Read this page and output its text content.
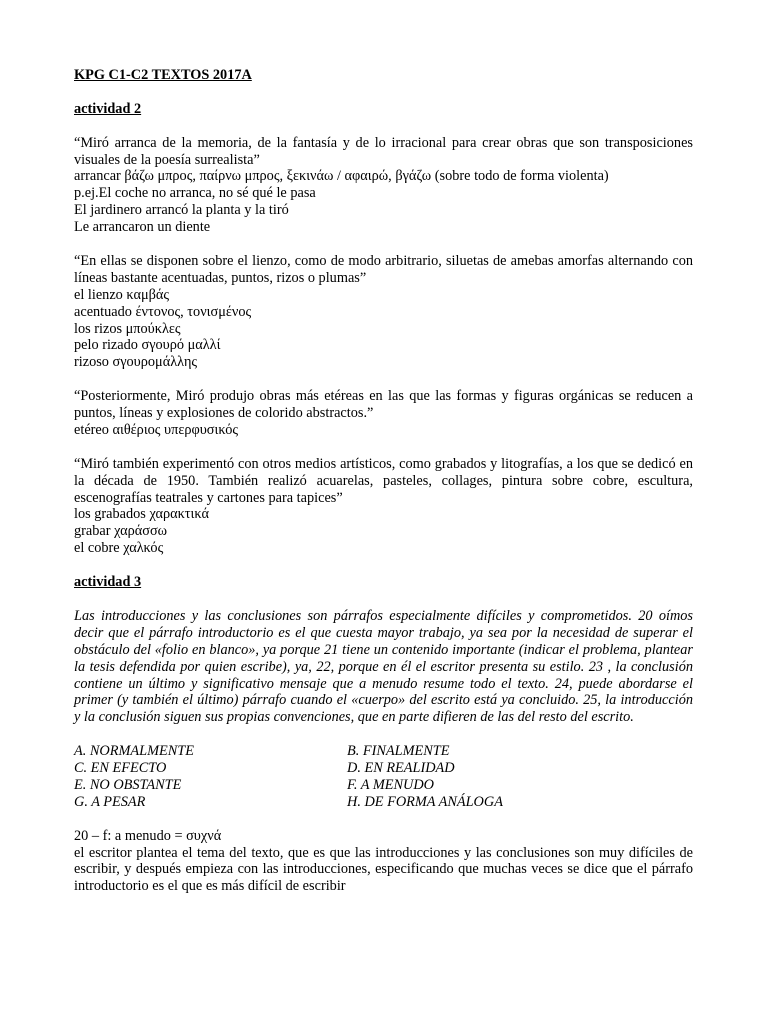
KPG C1-C2 TEXTOS 2017A

actividad 2

“Miró arranca de la memoria, de la fantasía y de lo irracional para crear obras que son transposiciones visuales de la poesía surrealista”

arrancar βάζω μπρος, παίρνω μπρος, ξεκινάω / αφαιρώ, βγάζω (sobre todo de forma violenta)

p.ej.El coche no arranca, no sé qué le pasa

El jardinero arrancó la planta y la tiró

Le arrancaron un diente

“En ellas se disponen sobre el lienzo, como de modo arbitrario, siluetas de amebas amorfas alternando con líneas bastante acentuadas, puntos, rizos o plumas”

el lienzo καμβάς

acentuado έντονος, τονισμένος

los rizos μπούκλες

pelo rizado σγουρό μαλλί

rizoso σγουρομάλλης

“Posteriormente, Miró produjo obras más etéreas en las que las formas y figuras orgánicas se reducen a puntos, líneas y explosiones de colorido abstractos.”

etéreo αιθέριος υπερφυσικός

“Miró también experimentó con otros medios artísticos, como grabados y litografías, a los que se dedicó en la década de 1950. También realizó acuarelas, pasteles, collages, pintura sobre cobre, escultura, escenografías teatrales y cartones para tapices”

los grabados χαρακτικά

grabar χαράσσω

el cobre χαλκός

actividad 3

Las introducciones y las conclusiones son párrafos especialmente difíciles y comprometidos. 20 oímos decir que el párrafo introductorio es el que cuesta mayor trabajo, ya sea por la necesidad de superar el obstáculo del «folio en blanco», ya porque 21 tiene un contenido importante (indicar el problema, plantear la tesis defendida por quien escribe), ya, 22, porque en él el escritor presenta su estilo. 23 , la conclusión contiene un último y significativo mensaje que a menudo resume todo el texto. 24, puede abordarse el primer (y también el último) párrafo cuando el «cuerpo» del escrito está ya concluido. 25, la introducción y la conclusión siguen sus propias convenciones, que en parte difieren de las del resto del escrito.

A. NORMALMENTE	B. FINALMENTE
C. EN EFECTO	D. EN REALIDAD
E. NO OBSTANTE	F. A MENUDO
G. A PESAR	H. DE FORMA ANÁLOGA

20 – f: a menudo = συχνά

el escritor plantea el tema del texto, que es que las introducciones y las conclusiones son muy difíciles de escribir, y después empieza con las introducciones, especificando que muchas veces se dice que el párrafo introductorio es el que es más difícil de escribir
